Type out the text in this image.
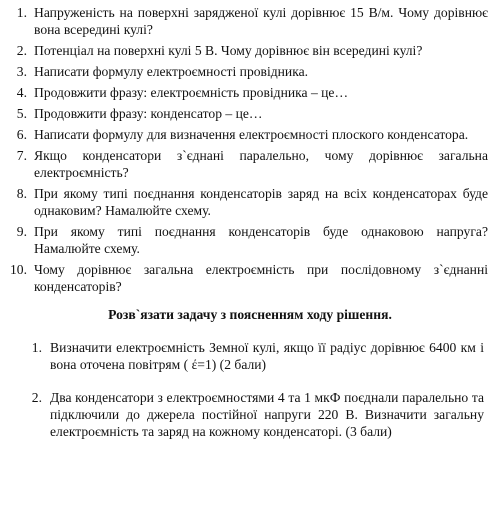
1. Напруженість на поверхні зарядженої кулі дорівнює 15 В/м. Чому дорівнює вона всередині кулі?
2. Потенціал на поверхні кулі 5 В. Чому дорівнює він всередині кулі?
3. Написати формулу електроємності провідника.
4. Продовжити фразу: електроємність провідника – це…
5. Продовжити фразу: конденсатор – це…
6. Написати формулу для визначення електроємності плоского конденсатора.
7. Якщо конденсатори з`єднані паралельно, чому дорівнює загальна електроємність?
8. При якому типі поєднання конденсаторів заряд на всіх конденсаторах буде однаковим? Намалюйте схему.
9. При якому типі поєднання конденсаторів буде однаковою напруга? Намалюйте схему.
10. Чому дорівнює загальна електроємність при послідовному з`єднанні конденсаторів?
Розв`язати задачу з поясненням ходу рішення.
1. Визначити електроємність Земної кулі, якщо її радіус дорівнює 6400 км і вона оточена повітрям ( έ=1) (2 бали)
2. Два конденсатори з електроємностями 4 та 1 мкФ поєднали паралельно та підключили до джерела постійної напруги 220 В. Визначити загальну електроємність та заряд на кожному конденсаторі. (3 бали)
